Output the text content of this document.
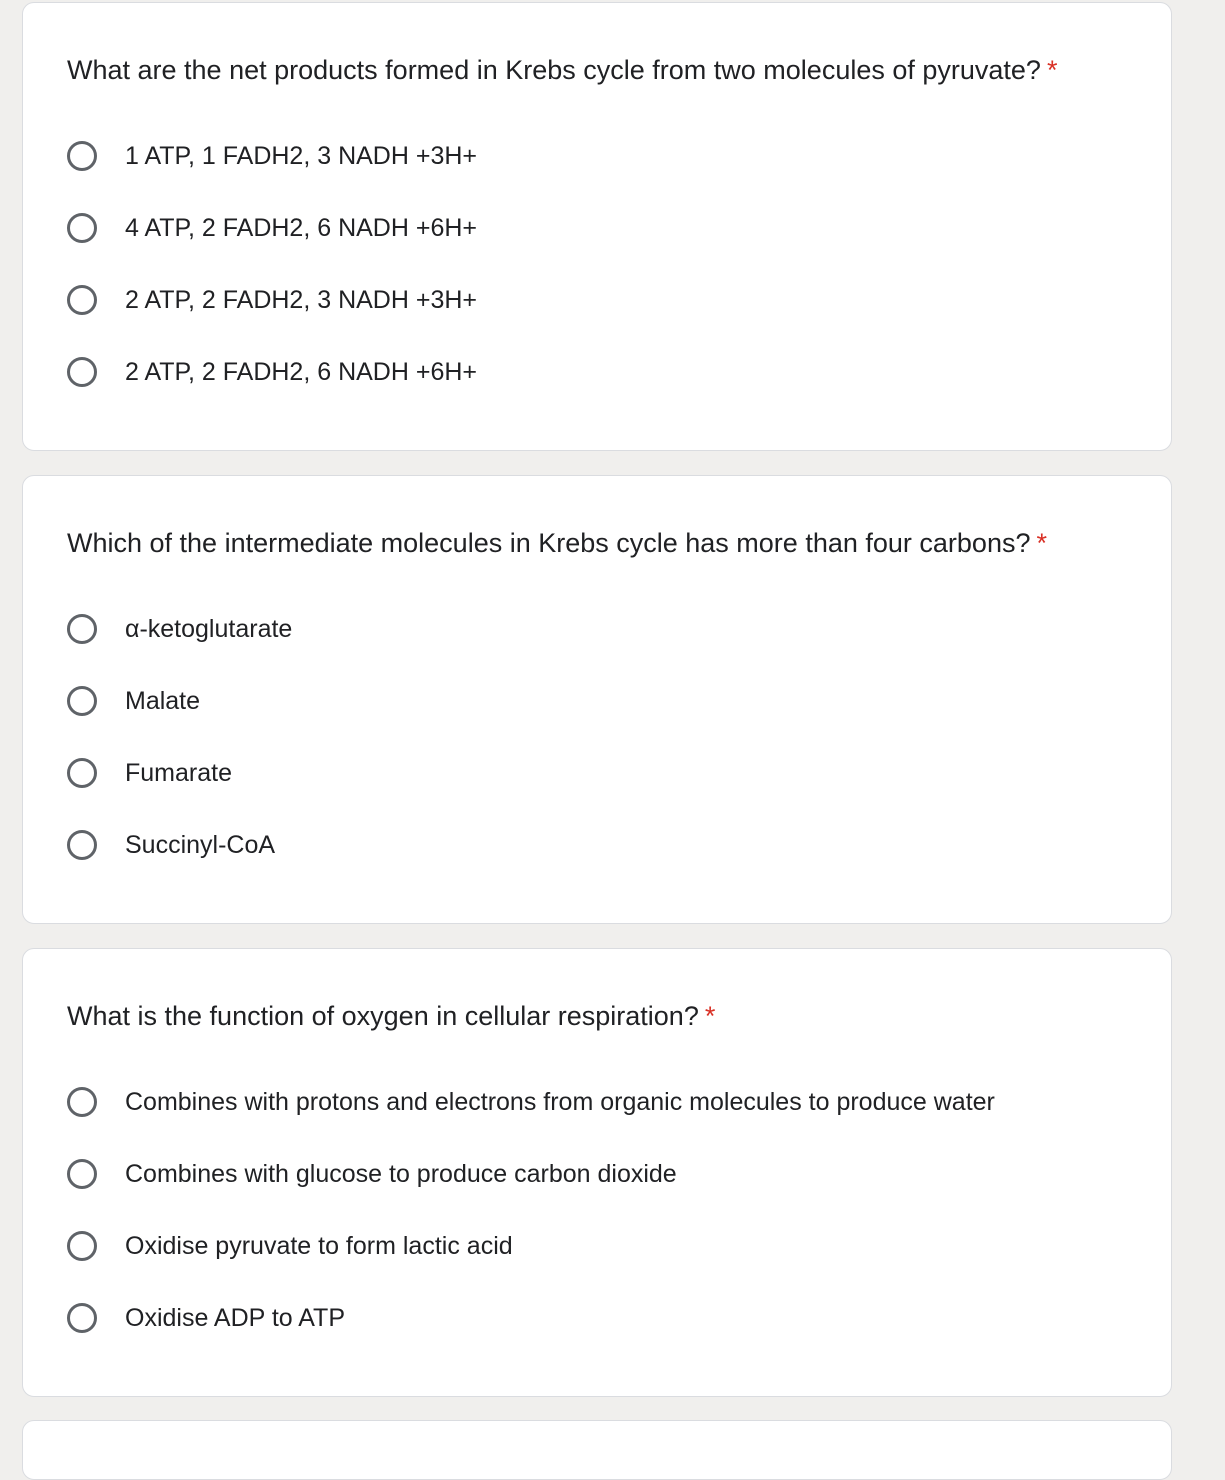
What are the net products formed in Krebs cycle from two molecules of pyruvate? *
1 ATP, 1 FADH2, 3 NADH +3H+
4 ATP, 2 FADH2, 6 NADH +6H+
2 ATP, 2 FADH2, 3 NADH +3H+
2 ATP, 2 FADH2, 6 NADH +6H+
Which of the intermediate molecules in Krebs cycle has more than four carbons? *
α-ketoglutarate
Malate
Fumarate
Succinyl-CoA
What is the function of oxygen in cellular respiration? *
Combines with protons and electrons from organic molecules to produce water
Combines with glucose to produce carbon dioxide
Oxidise pyruvate to form lactic acid
Oxidise ADP to ATP
